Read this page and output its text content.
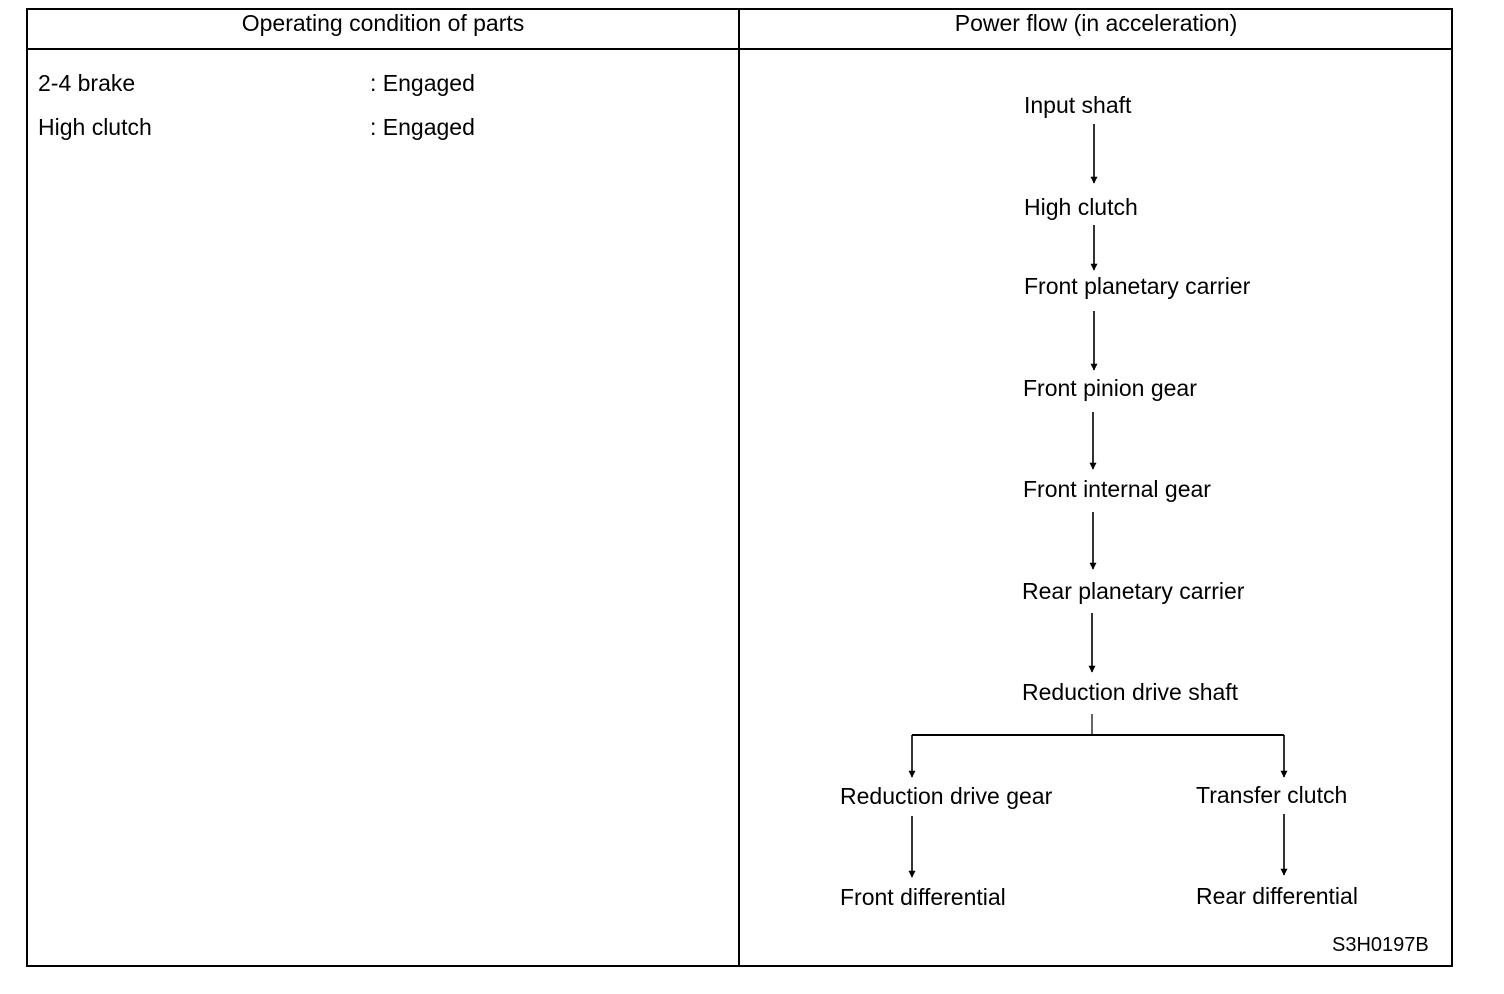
Operating condition of parts	Power flow (in acceleration)
2-4 brake	: Engaged
High clutch	: Engaged
Input shaft
High clutch
Front planetary carrier
Front pinion gear
Front internal gear
Rear planetary carrier
Reduction drive shaft
Reduction drive gear
Front differential
Transfer clutch
Rear differential
S3H0197B
